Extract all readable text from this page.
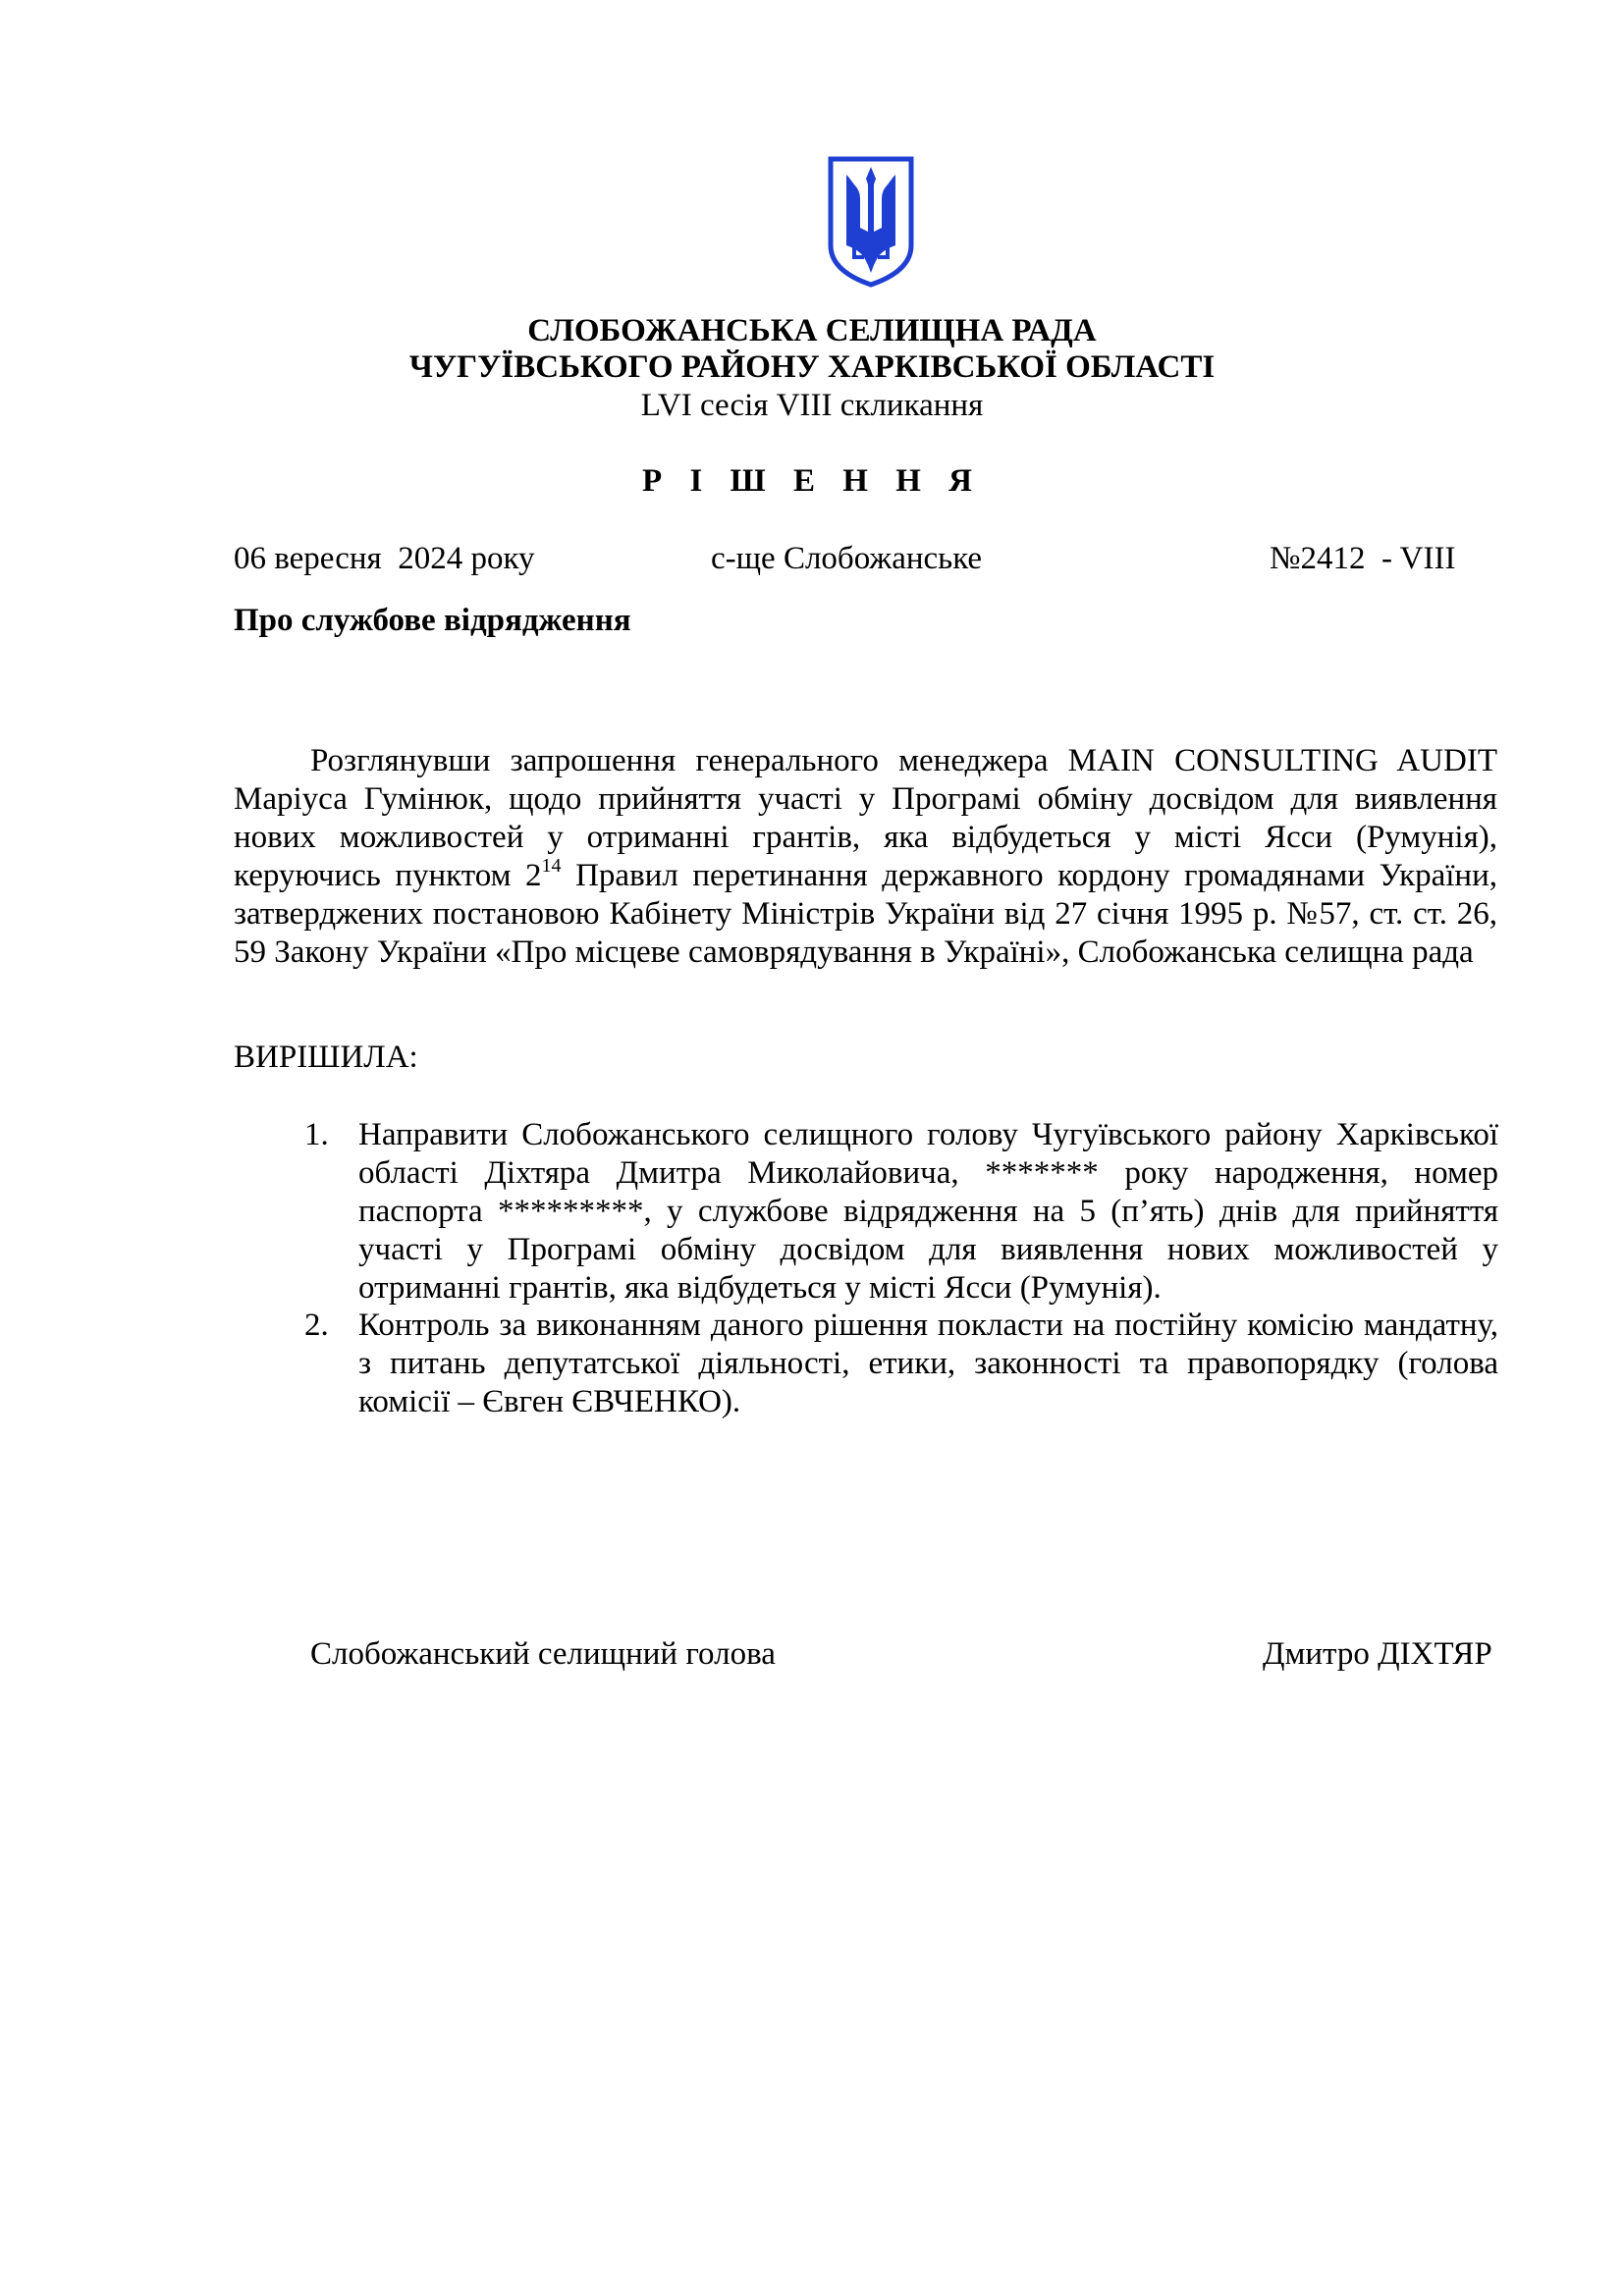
СЛОБОЖАНСЬКА СЕЛИЩНА РАДА
ЧУГУЇВСЬКОГО РАЙОНУ ХАРКІВСЬКОЇ ОБЛАСТІ
LVI сесія VIII скликання
Р І Ш Е Н Н Я
06 вересня  2024 року	с-ще Слобожанське	№2412  - VIII
Про службове відрядження
Розглянувши запрошення генерального менеджера MAIN CONSULTING AUDIT
Маріуса Гумінюк, щодо прийняття участі у Програмі обміну досвідом для виявлення
нових можливостей у отриманні грантів, яка відбудеться у місті Ясси (Румунія),
керуючись пунктом $2^{14}$ Правил перетинання державного кордону громадянами України,
затверджених постановою Кабінету Міністрів України від 27 січня 1995 р. №57, ст. ст. 26,
59 Закону України «Про місцеве самоврядування в Україні», Слобожанська селищна рада
ВИРІШИЛА:
1. Направити Слобожанського селищного голову Чугуївського району Харківської
області Діхтяра Дмитра Миколайовича, ******* року народження, номер
паспорта *********, у службове відрядження на 5 (п’ять) днів для прийняття
участі у Програмі обміну досвідом для виявлення нових можливостей у
отриманні грантів, яка відбудеться у місті Ясси (Румунія).
2. Контроль за виконанням даного рішення покласти на постійну комісію мандатну,
з питань депутатської діяльності, етики, законності та правопорядку (голова
комісії – Євген ЄВЧЕНКО).
Слобожанський селищний голова	Дмитро ДІХТЯР
